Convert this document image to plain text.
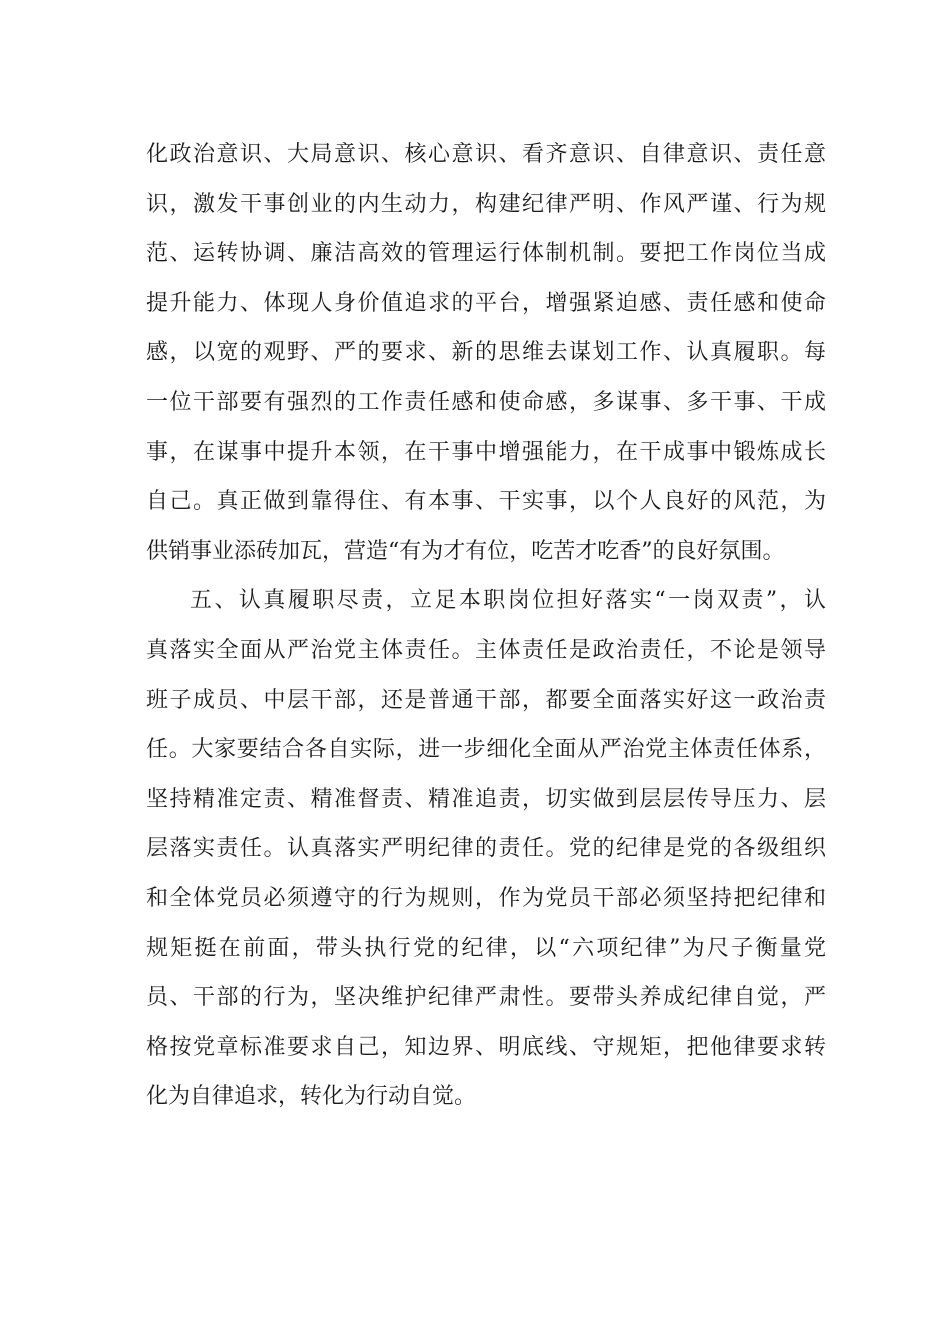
化政治意识、大局意识、核心意识、看齐意识、自律意识、责任意
识，激发干事创业的内生动力，构建纪律严明、作风严谨、行为规
范、运转协调、廉洁高效的管理运行体制机制。要把工作岗位当成
提升能力、体现人身价值追求的平台，增强紧迫感、责任感和使命
感，以宽的观野、严的要求、新的思维去谋划工作、认真履职。每
一位干部要有强烈的工作责任感和使命感，多谋事、多干事、干成
事，在谋事中提升本领，在干事中增强能力，在干成事中锻炼成长
自己。真正做到靠得住、有本事、干实事，以个人良好的风范，为
供销事业添砖加瓦，营造“有为才有位，吃苦才吃香”的良好氛围。
五、认真履职尽责，立足本职岗位担好落实“一岗双责”，认
真落实全面从严治党主体责任。主体责任是政治责任，不论是领导
班子成员、中层干部，还是普通干部，都要全面落实好这一政治责
任。大家要结合各自实际，进一步细化全面从严治党主体责任体系，
坚持精准定责、精准督责、精准追责，切实做到层层传导压力、层
层落实责任。认真落实严明纪律的责任。党的纪律是党的各级组织
和全体党员必须遵守的行为规则，作为党员干部必须坚持把纪律和
规矩挺在前面，带头执行党的纪律，以“六项纪律”为尺子衡量党
员、干部的行为，坚决维护纪律严肃性。要带头养成纪律自觉，严
格按党章标准要求自己，知边界、明底线、守规矩，把他律要求转
化为自律追求，转化为行动自觉。
